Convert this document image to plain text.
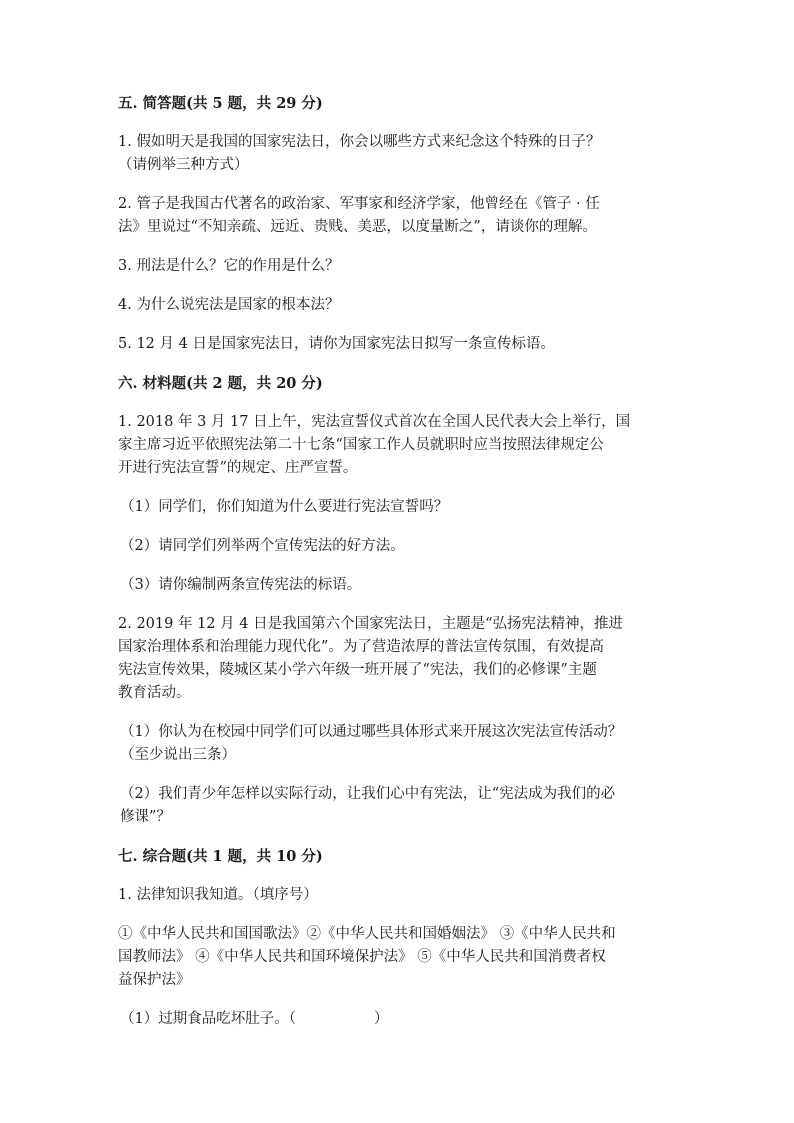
五. 简答题(共 5 题，共 29 分)
1. 假如明天是我国的国家宪法日，你会以哪些方式来纪念这个特殊的日子？
（请例举三种方式）
2. 管子是我国古代著名的政治家、军事家和经济学家，他曾经在《管子 · 任
法》里说过“不知亲疏、远近、贵贱、美恶，以度量断之”，请谈你的理解。
3. 刑法是什么？它的作用是什么？
4. 为什么说宪法是国家的根本法？
5. 12 月 4 日是国家宪法日，请你为国家宪法日拟写一条宣传标语。
六. 材料题(共 2 题，共 20 分)
1. 2018 年 3 月 17 日上午，宪法宣誓仪式首次在全国人民代表大会上举行，国
家主席习近平依照宪法第二十七条“国家工作人员就职时应当按照法律规定公
开进行宪法宣誓”的规定、庄严宣誓。
（1）同学们，你们知道为什么要进行宪法宣誓吗？
（2）请同学们列举两个宣传宪法的好方法。
（3）请你编制两条宣传宪法的标语。
2. 2019 年 12 月 4 日是我国第六个国家宪法日，主题是“弘扬宪法精神，推进
国家治理体系和治理能力现代化”。为了营造浓厚的普法宣传氛围，有效提高
宪法宣传效果，陵城区某小学六年级一班开展了“宪法，我们的必修课”主题
教育活动。
（1）你认为在校园中同学们可以通过哪些具体形式来开展这次宪法宣传活动？
（至少说出三条）
（2）我们青少年怎样以实际行动，让我们心中有宪法，让“宪法成为我们的必
修课”？
七. 综合题(共 1 题，共 10 分)
1. 法律知识我知道。（填序号）
①《中华人民共和国国歌法》②《中华人民共和国婚姻法》 ③《中华人民共和
国教师法》 ④《中华人民共和国环境保护法》 ⑤《中华人民共和国消费者权
益保护法》
（1）过期食品吃坏肚子。（	）
